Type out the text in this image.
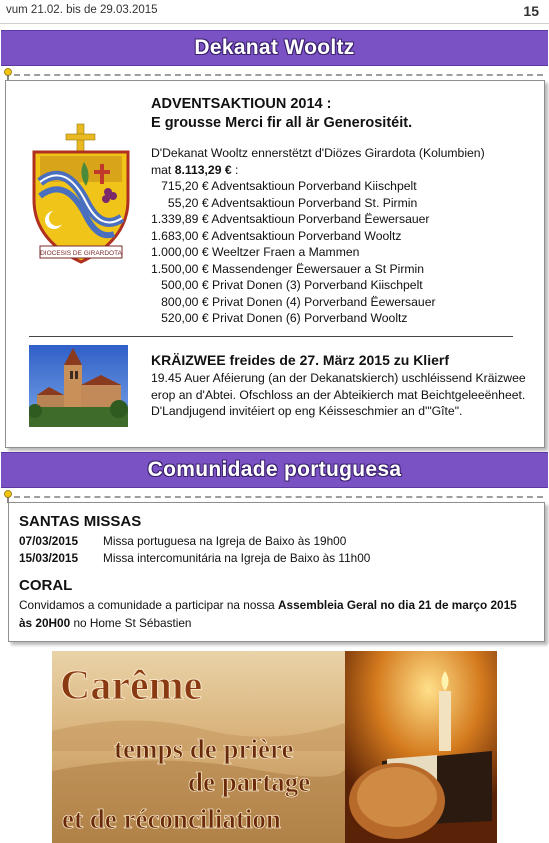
vum 21.02. bis de 29.03.2015	15
Dekanat Wooltz
DIOCESIS DE GIRARDOTA
ADVENTSAKTIOUN 2014 :
E grousse Merci fir all är Generositéit.
D'Dekanat Wooltz ennerstëtzt d'Diözes Girardota (Kolumbien)
mat 8.113,29 € :
715,20 € Adventsaktioun Porverband Kiischpelt
55,20 € Adventsaktioun Porverband St. Pirmin
1.339,89 € Adventsaktioun Porverband Ëewersauer
1.683,00 € Adventsaktioun Porverband Wooltz
1.000,00 € Weeltzer Fraen a Mammen
1.500,00 € Massendenger Ëewersauer a St Pirmin
500,00 € Privat Donen (3) Porverband Kiischpelt
800,00 € Privat Donen (4) Porverband Ëewersauer
520,00 € Privat Donen (6) Porverband Wooltz
KRÄIZWEE freides de 27. März 2015 zu Klierf
19.45 Auer Aféierung (an der Dekanatskierch) uschléissend Kräizwee
erop an d'Abtei. Ofschloss an der Abteikierch mat Beichtgeleeënheet.
D'Landjugend invitéiert op eng Kéisseschmier an d'"Gîte".
Comunidade portuguesa
SANTAS MISSAS
07/03/2015 Missa portuguesa na Igreja de Baixo às 19h00
15/03/2015 Missa intercomunitária na Igreja de Baixo às 11h00
CORAL
Convidamos a comunidade a participar na nossa Assembleia Geral no dia 21 de março 2015
às 20H00 no Home St Sébastien
Carême
temps de prière
de partage
et de réconciliation
